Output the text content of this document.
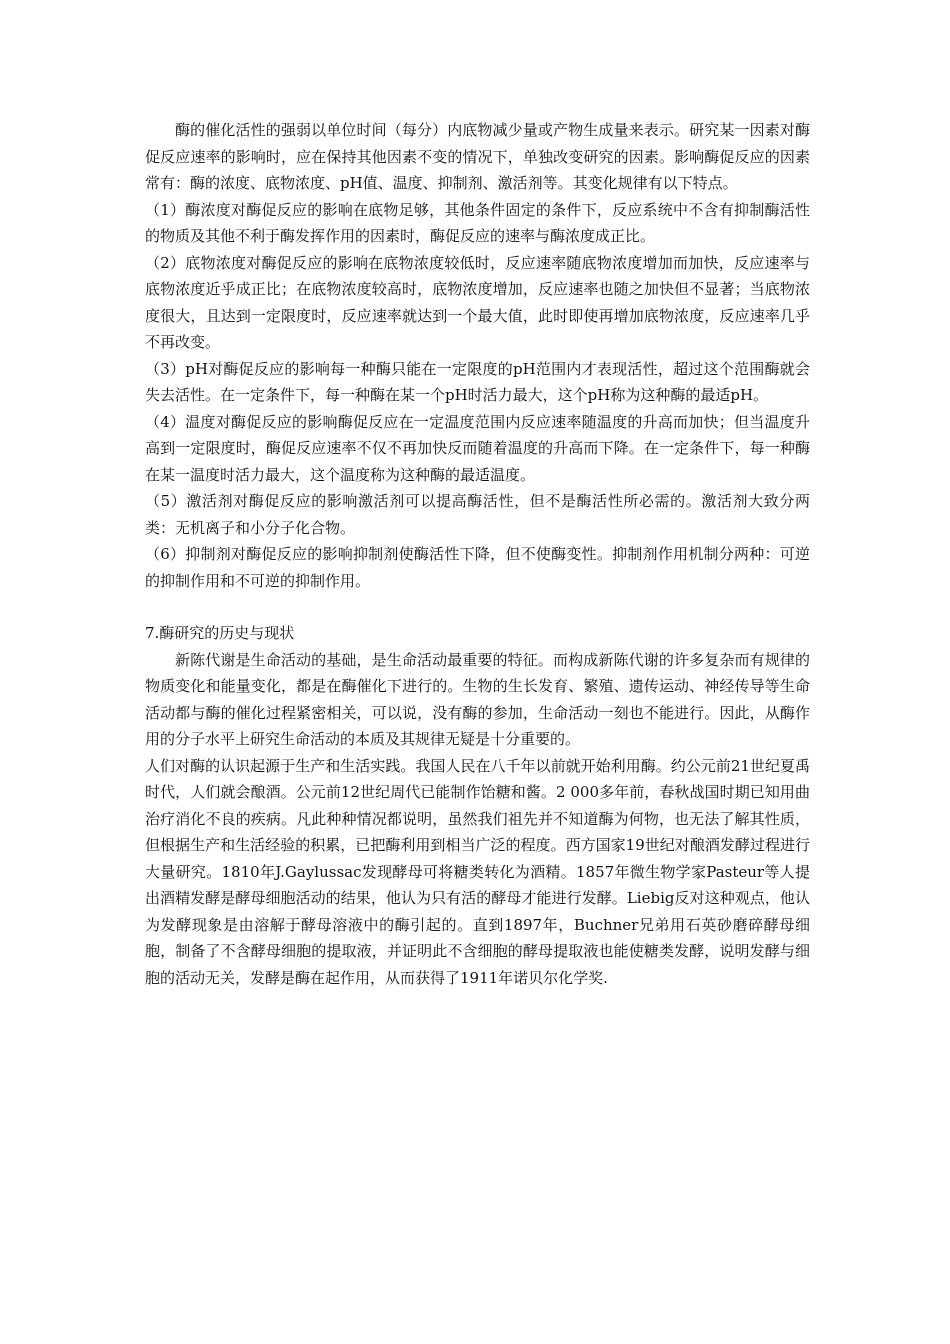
酶的催化活性的强弱以单位时间（每分）内底物减少量或产物生成量来表示。研究某一因素对酶促反应速率的影响时，应在保持其他因素不变的情况下，单独改变研究的因素。影响酶促反应的因素常有：酶的浓度、底物浓度、pH值、温度、抑制剂、激活剂等。其变化规律有以下特点。

（1）酶浓度对酶促反应的影响在底物足够，其他条件固定的条件下，反应系统中不含有抑制酶活性的物质及其他不利于酶发挥作用的因素时，酶促反应的速率与酶浓度成正比。

（2）底物浓度对酶促反应的影响在底物浓度较低时，反应速率随底物浓度增加而加快，反应速率与底物浓度近乎成正比；在底物浓度较高时，底物浓度增加，反应速率也随之加快但不显著；当底物浓度很大，且达到一定限度时，反应速率就达到一个最大值，此时即使再增加底物浓度，反应速率几乎不再改变。

（3）pH对酶促反应的影响每一种酶只能在一定限度的pH范围内才表现活性，超过这个范围酶就会失去活性。在一定条件下，每一种酶在某一个pH时活力最大，这个pH称为这种酶的最适pH。

（4）温度对酶促反应的影响酶促反应在一定温度范围内反应速率随温度的升高而加快；但当温度升高到一定限度时，酶促反应速率不仅不再加快反而随着温度的升高而下降。在一定条件下，每一种酶在某一温度时活力最大，这个温度称为这种酶的最适温度。

（5）激活剂对酶促反应的影响激活剂可以提高酶活性，但不是酶活性所必需的。激活剂大致分两类：无机离子和小分子化合物。

（6）抑制剂对酶促反应的影响抑制剂使酶活性下降，但不使酶变性。抑制剂作用机制分两种：可逆的抑制作用和不可逆的抑制作用。

7.酶研究的历史与现状

新陈代谢是生命活动的基础，是生命活动最重要的特征。而构成新陈代谢的许多复杂而有规律的物质变化和能量变化，都是在酶催化下进行的。生物的生长发育、繁殖、遗传运动、神经传导等生命活动都与酶的催化过程紧密相关，可以说，没有酶的参加，生命活动一刻也不能进行。因此，从酶作用的分子水平上研究生命活动的本质及其规律无疑是十分重要的。

人们对酶的认识起源于生产和生活实践。我国人民在八千年以前就开始利用酶。约公元前21世纪夏禹时代，人们就会酿酒。公元前12世纪周代已能制作饴糖和酱。2 000多年前，春秋战国时期已知用曲治疗消化不良的疾病。凡此种种情况都说明，虽然我们祖先并不知道酶为何物，也无法了解其性质，但根据生产和生活经验的积累，已把酶利用到相当广泛的程度。西方国家19世纪对酿酒发酵过程进行大量研究。1810年J.Gaylussac发现酵母可将糖类转化为酒精。1857年微生物学家Pasteur等人提出酒精发酵是酵母细胞活动的结果，他认为只有活的酵母才能进行发酵。Liebig反对这种观点，他认为发酵现象是由溶解于酵母溶液中的酶引起的。直到1897年，Buchner兄弟用石英砂磨碎酵母细胞，制备了不含酵母细胞的提取液，并证明此不含细胞的酵母提取液也能使糖类发酵，说明发酵与细胞的活动无关，发酵是酶在起作用，从而获得了1911年诺贝尔化学奖.
